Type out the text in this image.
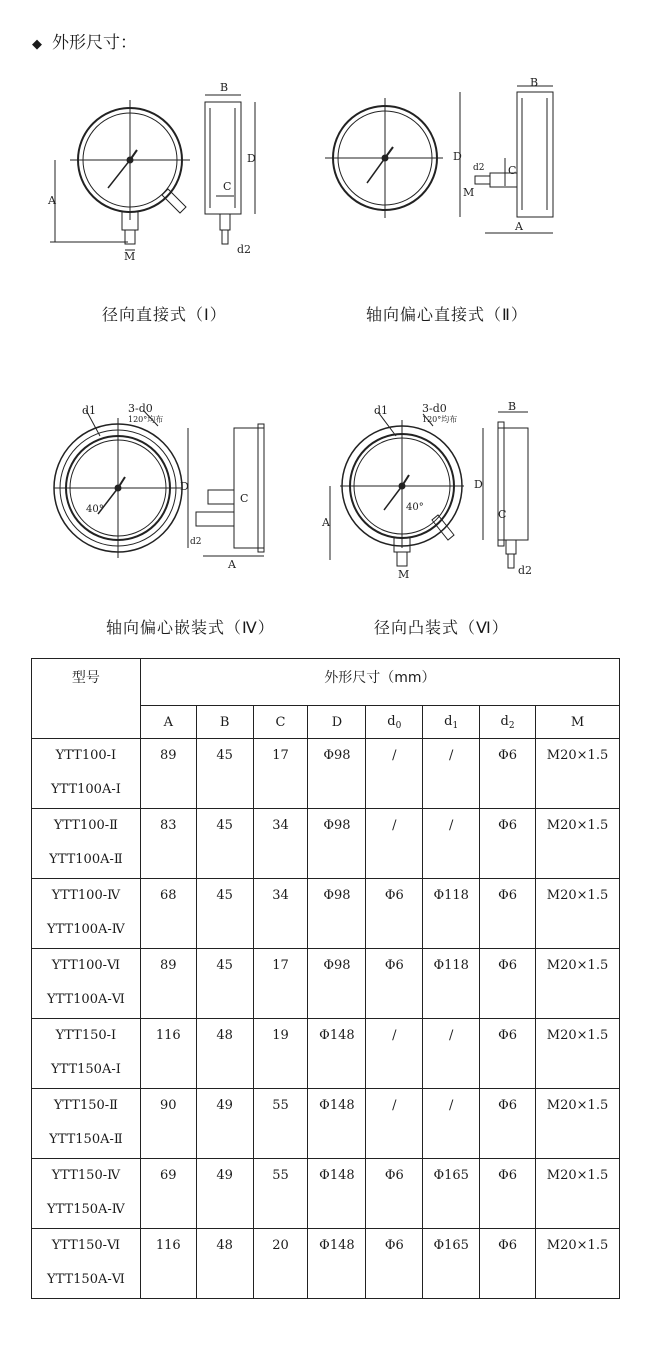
◆ 外形尺寸：
A
M
B
D
C
d2
径向直接式（Ⅰ）
B
D
C
M
d2
A
轴向偏心直接式（Ⅱ）
d1	3-d0
120°均布
40°
D
C
d2
A
轴向偏心嵌装式（Ⅳ）
d1	3-d0
120°均布
40°
A
D
B
C
M	d2
径向凸装式（Ⅵ）
型号	外形尺寸（mm）							
	A	B	C	D	$d_0$	$d_1$	$d_2$	M

YTT100-Ⅰ
YTT100A-Ⅰ	89	45	17	Φ98	/	/	Φ6	M20×1.5

YTT100-Ⅱ
YTT100A-Ⅱ	83	45	34	Φ98	/	/	Φ6	M20×1.5

YTT100-Ⅳ
YTT100A-Ⅳ	68	45	34	Φ98	Φ6	Φ118	Φ6	M20×1.5

YTT100-Ⅵ
YTT100A-Ⅵ	89	45	17	Φ98	Φ6	Φ118	Φ6	M20×1.5

YTT150-Ⅰ
YTT150A-Ⅰ	116	48	19	Φ148	/	/	Φ6	M20×1.5

YTT150-Ⅱ
YTT150A-Ⅱ	90	49	55	Φ148	/	/	Φ6	M20×1.5

YTT150-Ⅳ
YTT150A-Ⅳ	69	49	55	Φ148	Φ6	Φ165	Φ6	M20×1.5

YTT150-Ⅵ
YTT150A-Ⅵ	116	48	20	Φ148	Φ6	Φ165	Φ6	M20×1.5
